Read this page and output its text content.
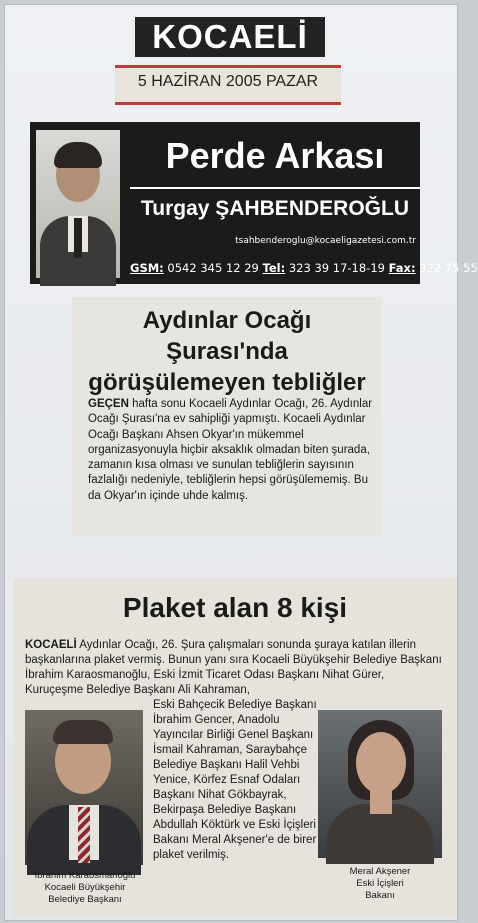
KOCAELİ
5 HAZİRAN 2005 PAZAR
Perde Arkası
Turgay ŞAHBENDEROĞLU
tsahbenderoglu@kocaeligazetesi.com.tr
GSM: 0542 345 12 29 Tel: 323 39 17-18-19 Fax: 322 75 55
Aydınlar Ocağı
Şurası'nda
görüşülemeyen tebliğler
GEÇEN hafta sonu Kocaeli Aydınlar Ocağı, 26. Aydınlar Ocağı Şurası'na ev sahipliği yapmıştı. Kocaeli Aydınlar Ocağı Başkanı Ahsen Okyar'ın mükemmel organizasyonuyla hiçbir aksaklık olmadan biten şurada, zamanın kısa olması ve sunulan tebliğlerin sayısının fazlalığı nedeniyle, tebliğlerin hepsi görüşülememiş. Bu da Okyar'ın içinde uhde kalmış.
Plaket alan 8 kişi
KOCAELİ Aydınlar Ocağı, 26. Şura çalışmaları sonunda şuraya katılan illerin başkanlarına plaket vermiş. Bunun yanı sıra Kocaeli Büyükşehir Belediye Başkanı İbrahim Karaosmanoğlu, Eski İzmit Ticaret Odası Başkanı Nihat Gürer, Kuruçeşme Belediye Başkanı Ali Kahraman,
Eski Bahçecik Belediye Başkanı İbrahim Gencer, Anadolu Yayıncılar Birliği Genel Başkanı İsmail Kahraman, Saraybahçe Belediye Başkanı Halil Vehbi Yenice, Körfez Esnaf Odaları Başkanı Nihat Gökbayrak, Bekirpaşa Belediye Başkanı Abdullah Köktürk ve Eski İçişleri Bakanı Meral Akşener'e de birer plaket verilmiş.
İbrahim Karaosmanoğlu
Kocaeli Büyükşehir
Belediye Başkanı
Meral Akşener
Eski İçişleri
Bakanı
